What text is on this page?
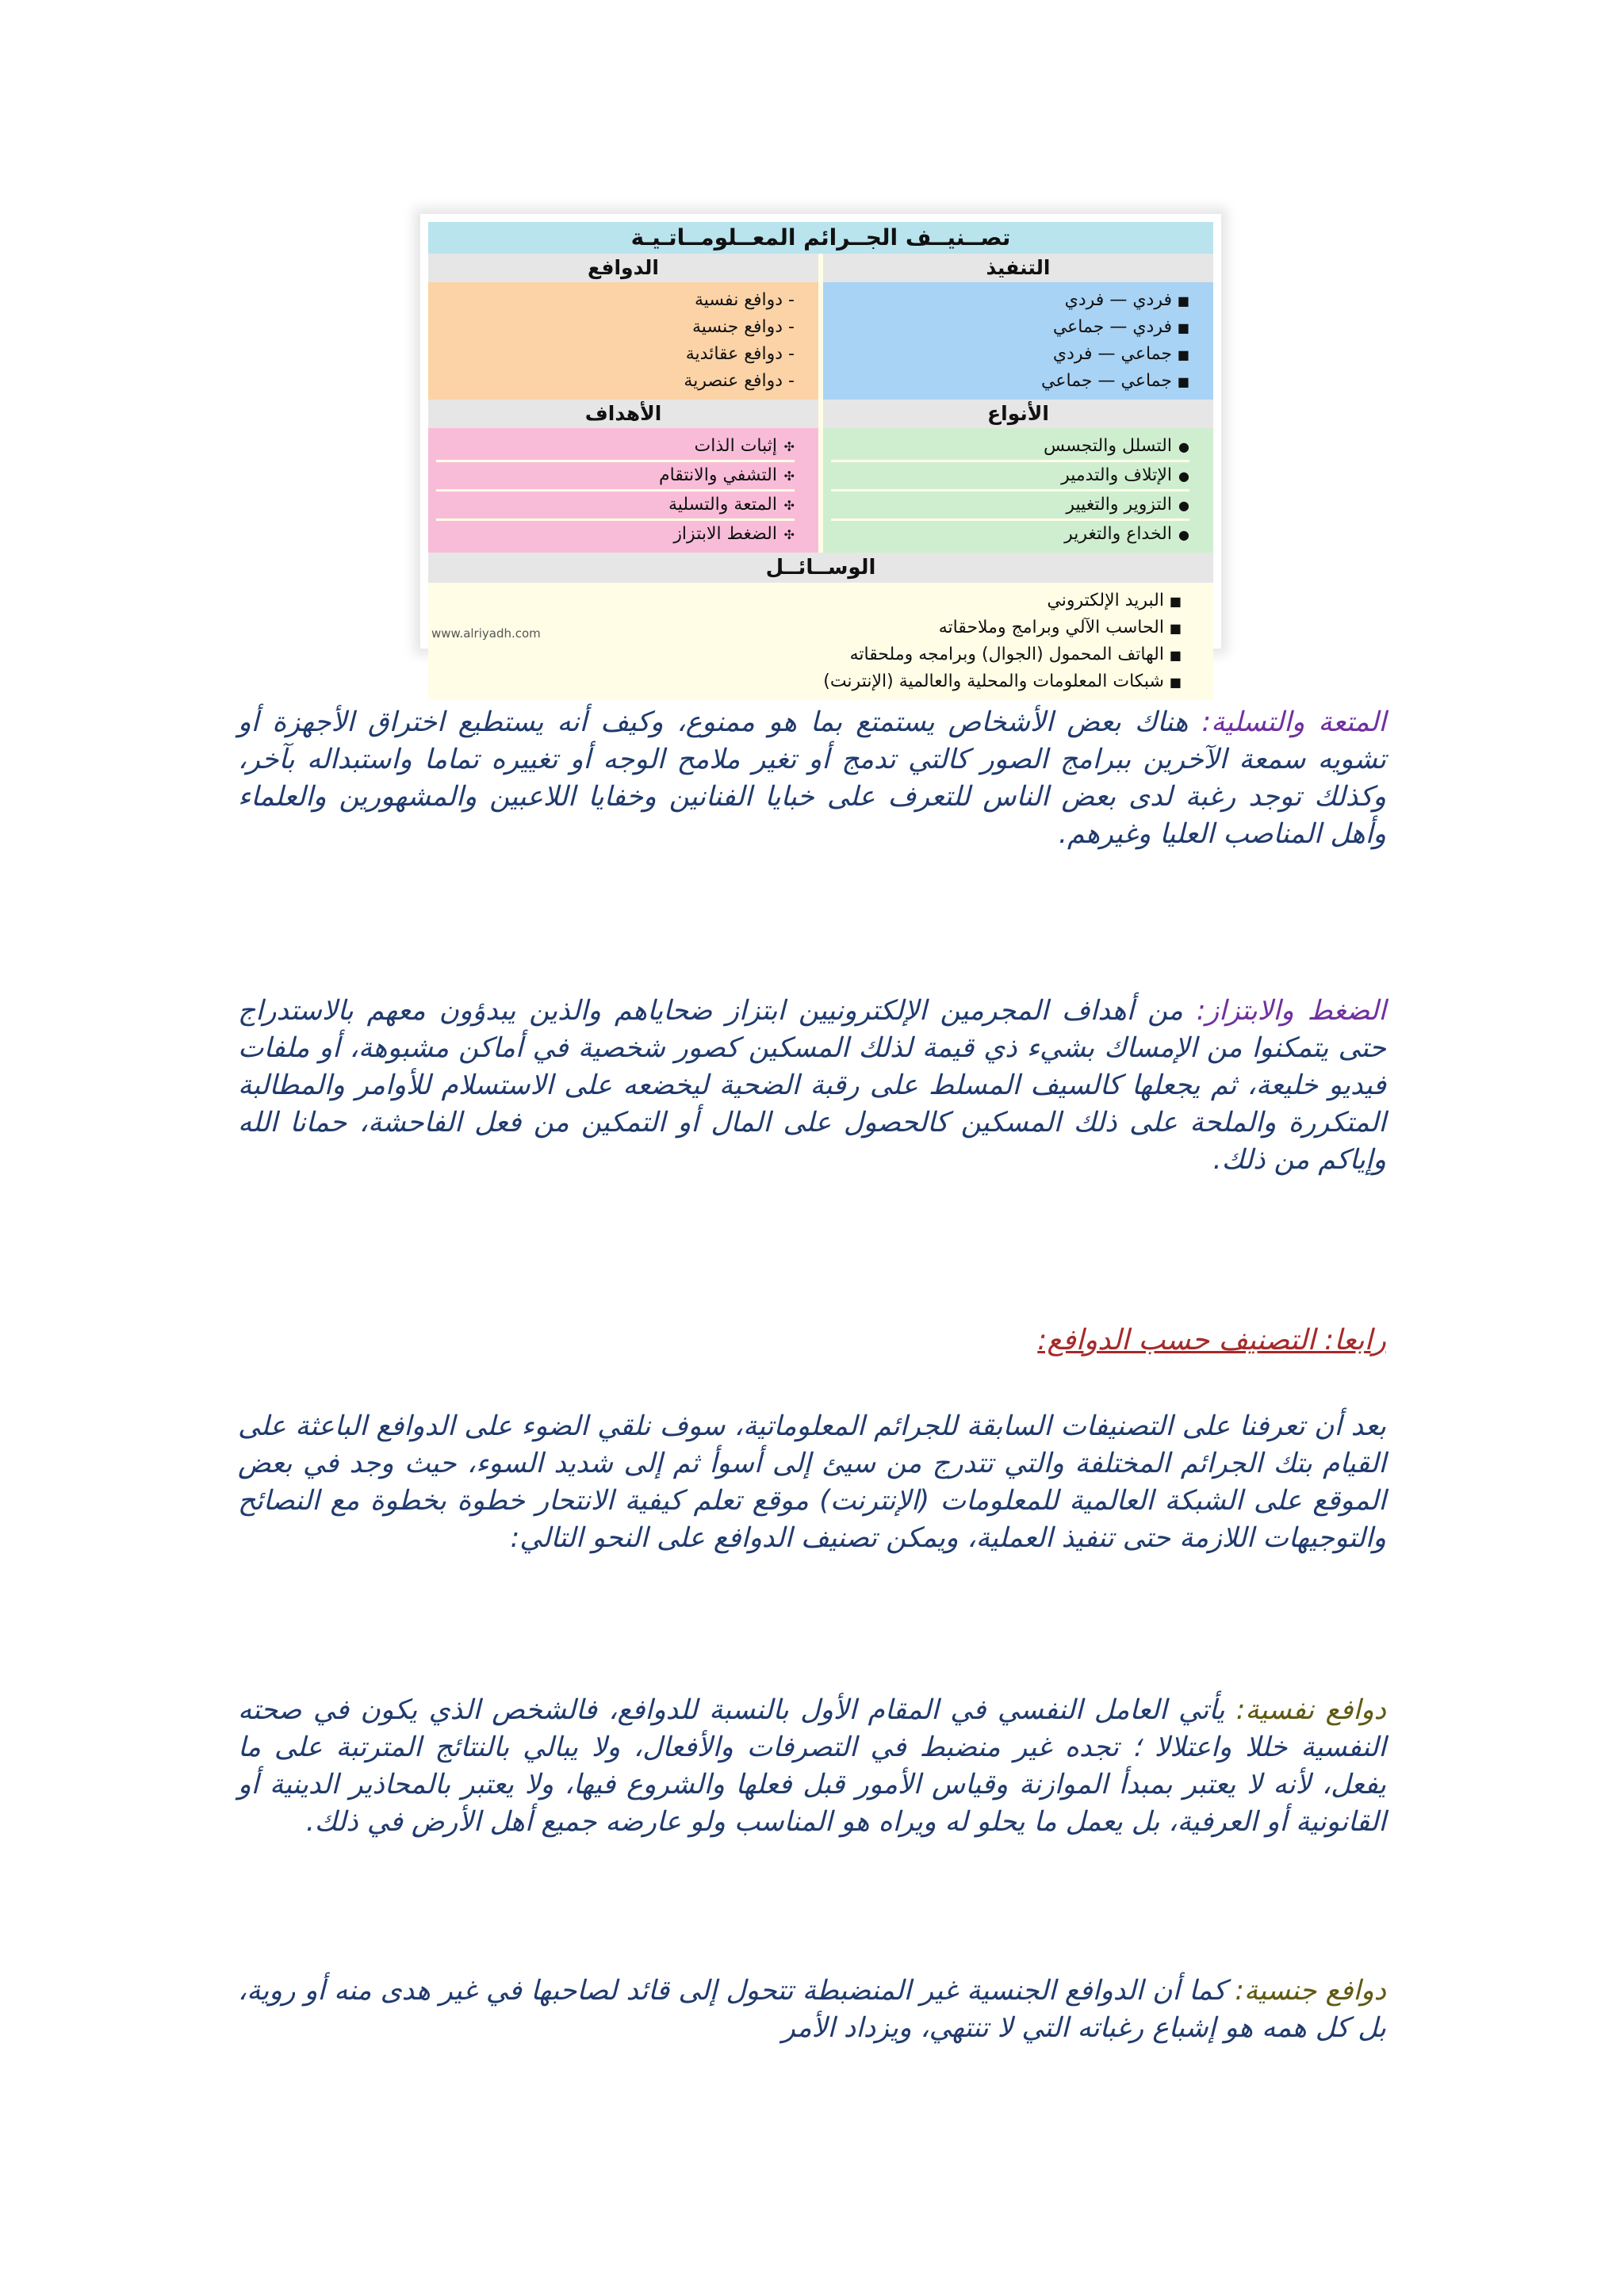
تصــنيــف الجــرائم المعــلومــاتـيـة
التنفيذ
■فردي — فردي
■فردي — جماعي
■جماعي — فردي
■جماعي — جماعي
الدوافع
- دوافع نفسية
- دوافع جنسية
- دوافع عقائدية
- دوافع عنصرية
الأنواع
●التسلل والتجسس
●الإتلاف والتدمير
●التزوير والتغيير
●الخداع والتغرير
الأهداف
✣إثبات الذات
✣التشفي والانتقام
✣المتعة والتسلية
✣الضغط الابتزاز
الوســائــل
■البريد الإلكتروني
■الحاسب الآلي وبرامج وملاحقاته
■الهاتف المحمول (الجوال) وبرامجه وملحقاته
■شبكات المعلومات والمحلية والعالمية (الإنترنت)
www.alriyadh.com

المتعة والتسلية: هناك بعض الأشخاص يستمتع بما هو ممنوع، وكيف أنه يستطيع اختراق الأجهزة أو تشويه سمعة الآخرين ببرامج الصور كالتي تدمج أو تغير ملامح الوجه أو تغييره تماما واستبداله بآخر، وكذلك توجد رغبة لدى بعض الناس للتعرف على خبايا الفنانين وخفايا اللاعبين والمشهورين والعلماء وأهل المناصب العليا وغيرهم.

الضغط والابتزاز: من أهداف المجرمين الإلكترونيين ابتزاز ضحاياهم والذين يبدؤون معهم بالاستدراج حتى يتمكنوا من الإمساك بشيء ذي قيمة لذلك المسكين كصور شخصية في أماكن مشبوهة، أو ملفات فيديو خليعة، ثم يجعلها كالسيف المسلط على رقبة الضحية ليخضعه على الاستسلام للأوامر والمطالبة المتكررة والملحة على ذلك المسكين كالحصول على المال أو التمكين من فعل الفاحشة، حمانا الله وإياكم من ذلك.

رابعا: التصنيف حسب الدوافع:

بعد أن تعرفنا على التصنيفات السابقة للجرائم المعلوماتية، سوف نلقي الضوء على الدوافع الباعثة على القيام بتك الجرائم المختلفة والتي تتدرج من سيئ إلى أسوأ ثم إلى شديد السوء، حيث وجد في بعض الموقع على الشبكة العالمية للمعلومات (الإنترنت) موقع تعلم كيفية الانتحار خطوة بخطوة مع النصائح والتوجيهات اللازمة حتى تنفيذ العملية، ويمكن تصنيف الدوافع على النحو التالي:

دوافع نفسية: يأتي العامل النفسي في المقام الأول بالنسبة للدوافع، فالشخص الذي يكون في صحته النفسية خللا واعتلالا ؛ تجده غير منضبط في التصرفات والأفعال، ولا يبالي بالنتائج المترتبة على ما يفعل، لأنه لا يعتبر بمبدأ الموازنة وقياس الأمور قبل فعلها والشروع فيها، ولا يعتبر بالمحاذير الدينية أو القانونية أو العرفية، بل يعمل ما يحلو له ويراه هو المناسب ولو عارضه جميع أهل الأرض في ذلك.

دوافع جنسية: كما أن الدوافع الجنسية غير المنضبطة تتحول إلى قائد لصاحبها في غير هدى منه أو روية، بل كل همه هو إشباع رغباته التي لا تنتهي، ويزداد الأمر
